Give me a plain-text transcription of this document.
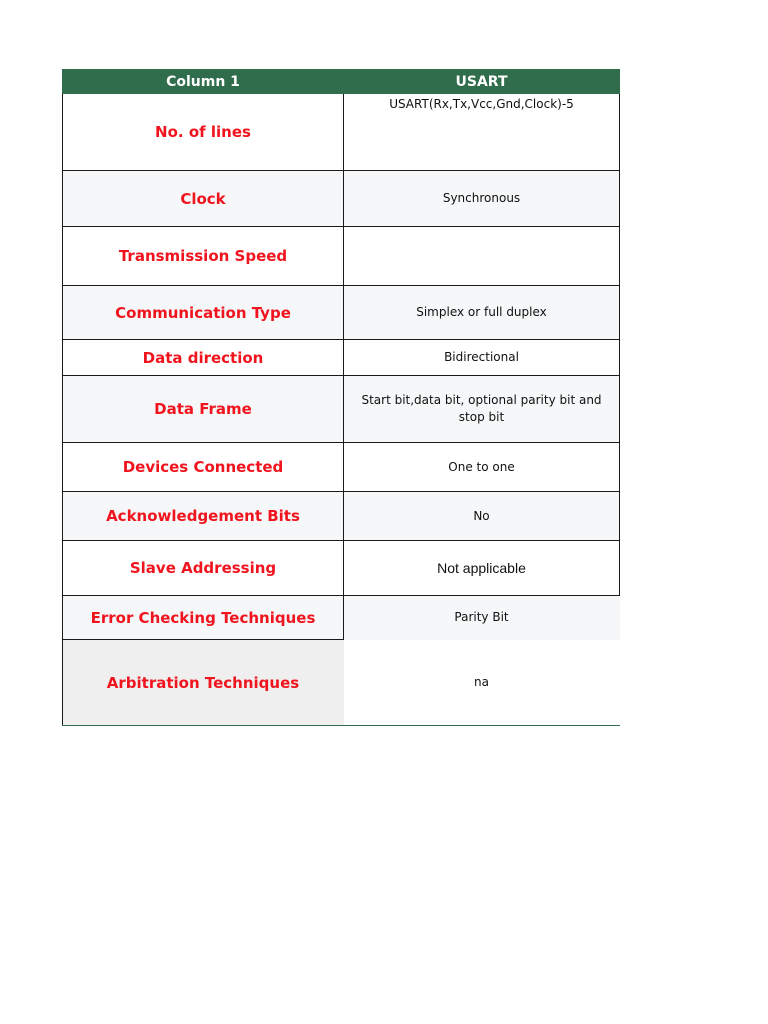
Column 1	USART
No. of lines	USART(Rx,Tx,Vcc,Gnd,Clock)-5
Clock	Synchronous
Transmission Speed	
Communication Type	Simplex or full duplex
Data direction	Bidirectional
Data Frame	Start bit,data bit, optional parity bit and stop bit
Devices Connected	One to one
Acknowledgement Bits	No
Slave Addressing	Not applicable
Error Checking Techniques	Parity Bit
Arbitration Techniques	na
